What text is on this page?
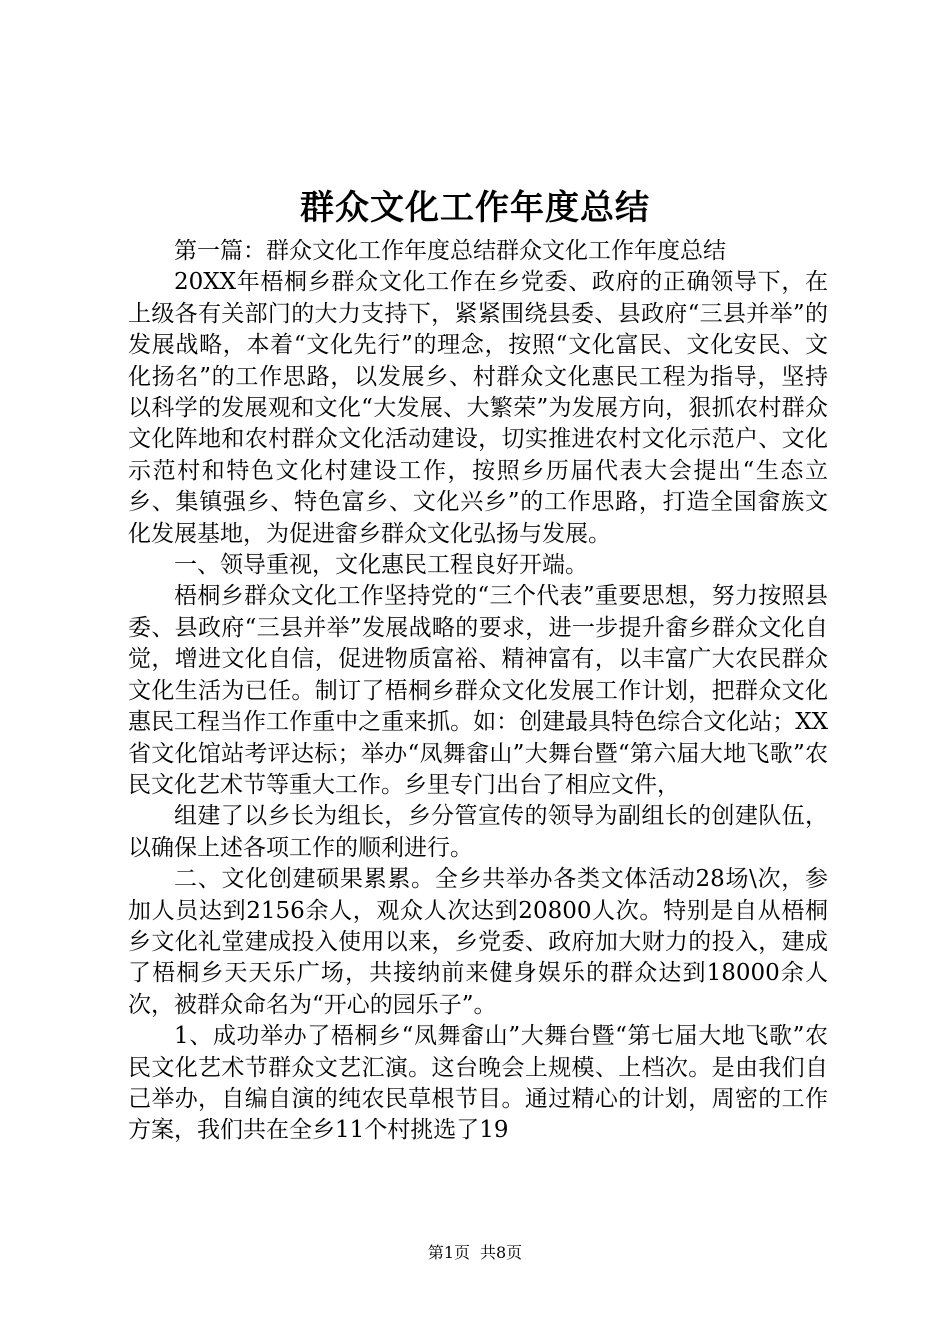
群众文化工作年度总结

第一篇：群众文化工作年度总结群众文化工作年度总结

20XX年梧桐乡群众文化工作在乡党委、政府的正确领导下，在上级各有关部门的大力支持下，紧紧围绕县委、县政府“三县并举”的发展战略，本着“文化先行”的理念，按照“文化富民、文化安民、文化扬名”的工作思路，以发展乡、村群众文化惠民工程为指导，坚持以科学的发展观和文化“大发展、大繁荣”为发展方向，狠抓农村群众文化阵地和农村群众文化活动建设，切实推进农村文化示范户、文化示范村和特色文化村建设工作，按照乡历届代表大会提出“生态立乡、集镇强乡、特色富乡、文化兴乡”的工作思路，打造全国畲族文化发展基地，为促进畲乡群众文化弘扬与发展。

一、领导重视，文化惠民工程良好开端。

梧桐乡群众文化工作坚持党的“三个代表”重要思想，努力按照县委、县政府“三县并举”发展战略的要求，进一步提升畲乡群众文化自觉，增进文化自信，促进物质富裕、精神富有，以丰富广大农民群众文化生活为已任。制订了梧桐乡群众文化发展工作计划，把群众文化惠民工程当作工作重中之重来抓。如：创建最具特色综合文化站；XX省文化馆站考评达标；举办“凤舞畲山”大舞台暨“第六届大地飞歌”农民文化艺术节等重大工作。乡里专门出台了相应文件，

组建了以乡长为组长，乡分管宣传的领导为副组长的创建队伍，以确保上述各项工作的顺利进行。

二、文化创建硕果累累。全乡共举办各类文体活动28场\次，参加人员达到2156余人，观众人次达到20800人次。特别是自从梧桐乡文化礼堂建成投入使用以来，乡党委、政府加大财力的投入，建成了梧桐乡天天乐广场，共接纳前来健身娱乐的群众达到18000余人次，被群众命名为“开心的园乐子”。

1、成功举办了梧桐乡“凤舞畲山”大舞台暨“第七届大地飞歌”农民文化艺术节群众文艺汇演。这台晚会上规模、上档次。是由我们自己举办，自编自演的纯农民草根节目。通过精心的计划，周密的工作方案，我们共在全乡11个村挑选了19

第1页 共8页
